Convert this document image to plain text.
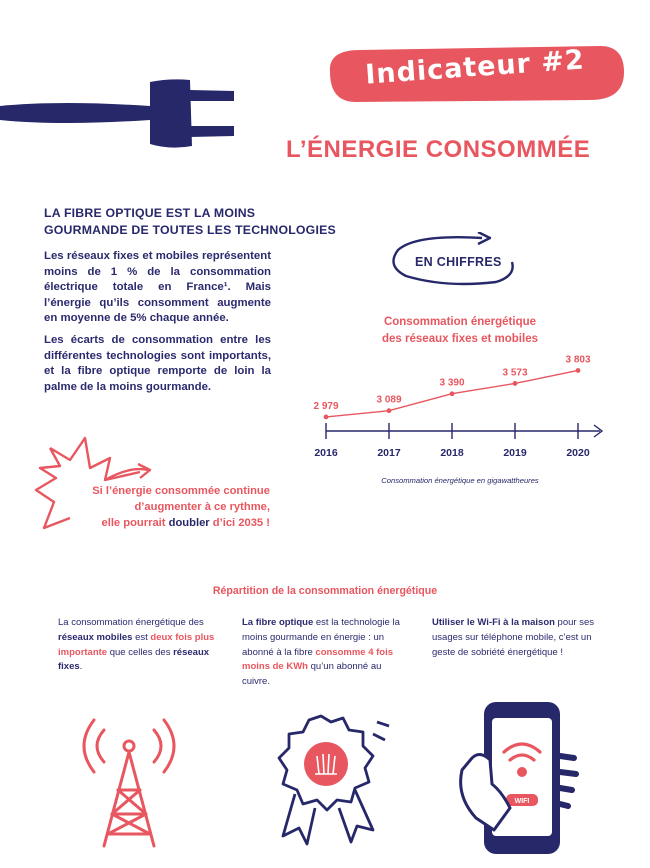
Indicateur #2
L’ÉNERGIE CONSOMMÉE
LA FIBRE OPTIQUE EST LA MOINS
GOURMANDE DE TOUTES LES TECHNOLOGIES
Les réseaux fixes et mobiles représentent moins de 1 % de la consommation électrique totale en France¹. Mais l’énergie qu’ils consomment augmente en moyenne de 5% chaque année.
Les écarts de consommation entre les différentes technologies sont importants, et la fibre optique remporte de loin la palme de la moins gourmande.
Si l’énergie consommée continue
d’augmenter à ce rythme,
elle pourrait doubler d’ici 2035 !
EN CHIFFRES
Consommation énergétique
des réseaux fixes et mobiles
2016
2 979
2017
3 089
2018
3 390
2019
3 573
2020
3 803
Consommation énergétique en gigawattheures
Répartition de la consommation énergétique
La consommation énergétique des réseaux mobiles est deux fois plus importante que celles des réseaux fixes.
La fibre optique est la technologie la moins gourmande en énergie : un abonné à la fibre consomme 4 fois moins de KWh qu’un abonné au cuivre.
Utiliser le Wi-Fi à la maison pour ses usages sur téléphone mobile, c’est un geste de sobriété énergétique !
WIFI
